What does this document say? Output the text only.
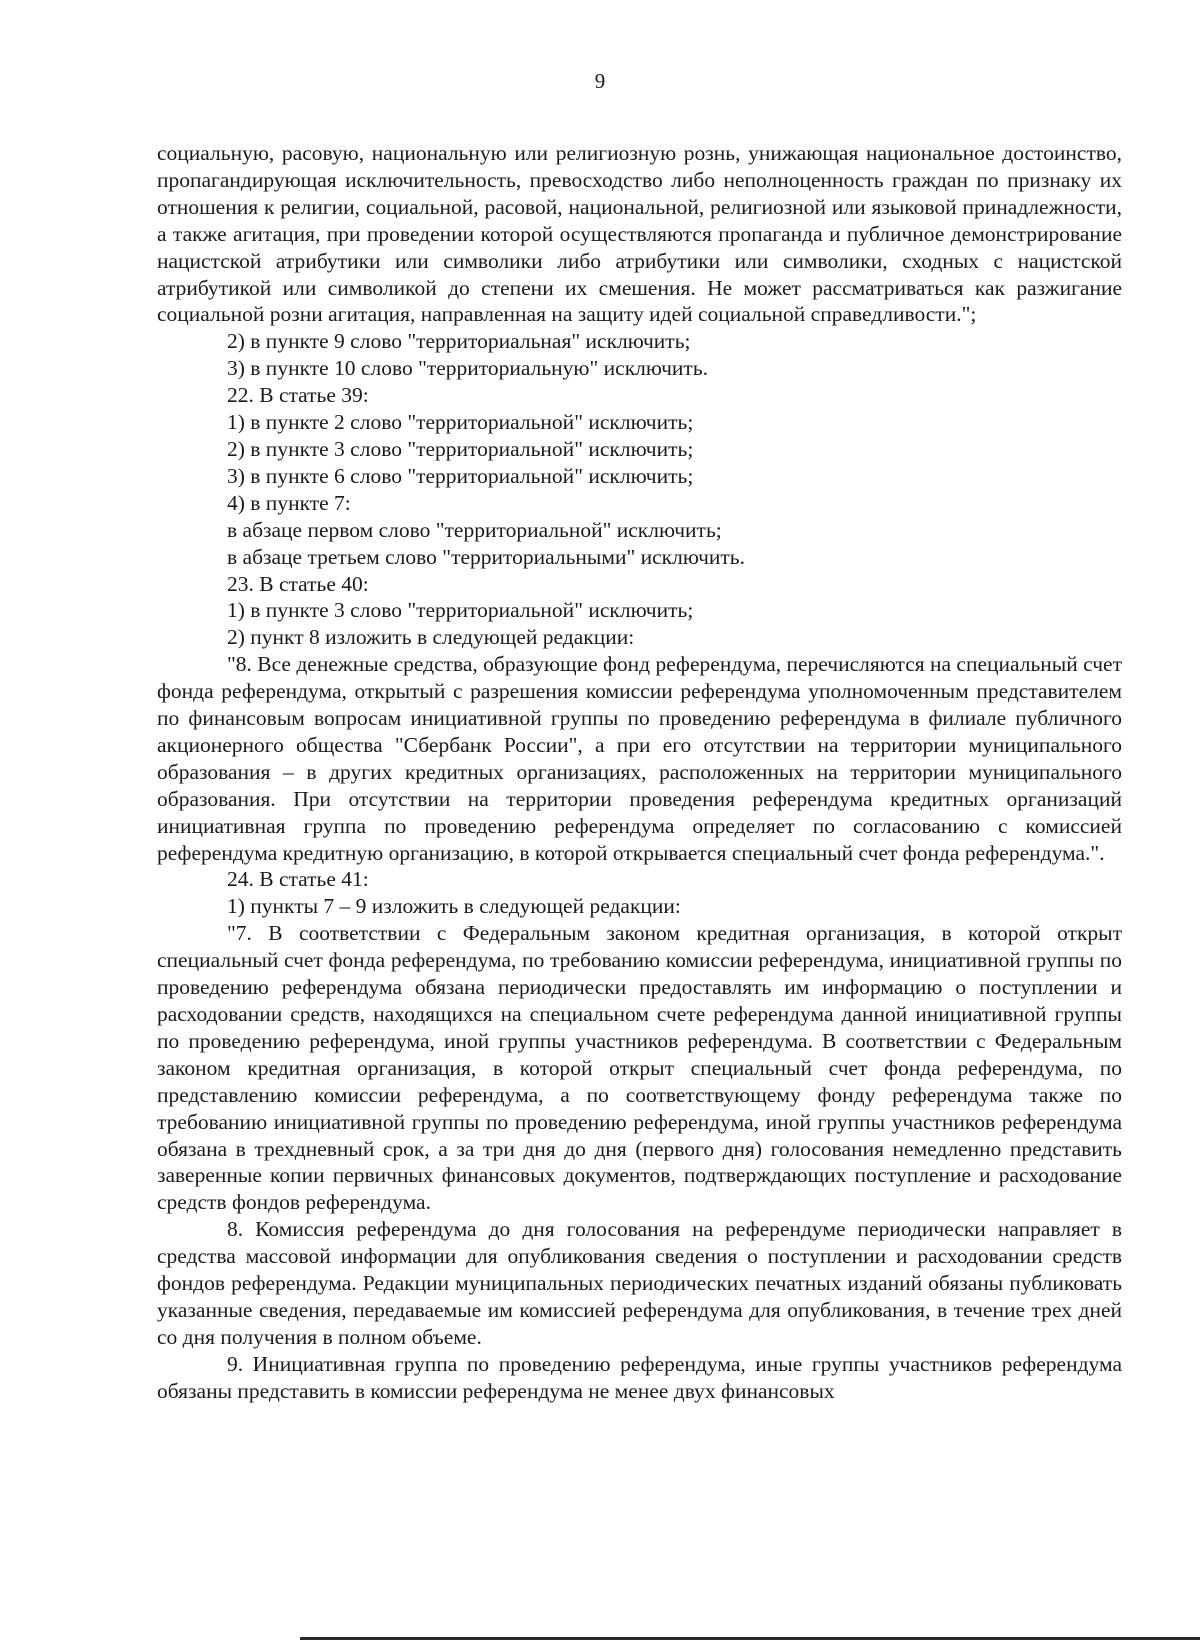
9

социальную, расовую, национальную или религиозную рознь, унижающая национальное достоинство, пропагандирующая исключительность, превосходство либо неполноценность граждан по признаку их отношения к религии, социальной, расовой, национальной, религиозной или языковой принадлежности, а также агитация, при проведении которой осуществляются пропаганда и публичное демонстрирование нацистской атрибутики или символики либо атрибутики или символики, сходных с нацистской атрибутикой или символикой до степени их смешения. Не может рассматриваться как разжигание социальной розни агитация, направленная на защиту идей социальной справедливости.";

2) в пункте 9 слово "территориальная" исключить;

3) в пункте 10 слово "территориальную" исключить.

22. В статье 39:

1) в пункте 2 слово "территориальной" исключить;

2) в пункте 3 слово "территориальной" исключить;

3) в пункте 6 слово "территориальной" исключить;

4) в пункте 7:

в абзаце первом слово "территориальной" исключить;

в абзаце третьем слово "территориальными" исключить.

23. В статье 40:

1) в пункте 3 слово "территориальной" исключить;

2) пункт 8 изложить в следующей редакции:

"8. Все денежные средства, образующие фонд референдума, перечисляются на специальный счет фонда референдума, открытый с разрешения комиссии референдума уполномоченным представителем по финансовым вопросам инициативной группы по проведению референдума в филиале публичного акционерного общества "Сбербанк России", а при его отсутствии на территории муниципального образования – в других кредитных организациях, расположенных на территории муниципального образования. При отсутствии на территории проведения референдума кредитных организаций инициативная группа по проведению референдума определяет по согласованию с комиссией референдума кредитную организацию, в которой открывается специальный счет фонда референдума.".

24. В статье 41:

1) пункты 7 – 9 изложить в следующей редакции:

"7. В соответствии с Федеральным законом кредитная организация, в которой открыт специальный счет фонда референдума, по требованию комиссии референдума, инициативной группы по проведению референдума обязана периодически предоставлять им информацию о поступлении и расходовании средств, находящихся на специальном счете референдума данной инициативной группы по проведению референдума, иной группы участников референдума. В соответствии с Федеральным законом кредитная организация, в которой открыт специальный счет фонда референдума, по представлению комиссии референдума, а по соответствующему фонду референдума также по требованию инициативной группы по проведению референдума, иной группы участников референдума обязана в трехдневный срок, а за три дня до дня (первого дня) голосования немедленно представить заверенные копии первичных финансовых документов, подтверждающих поступление и расходование средств фондов референдума.

8. Комиссия референдума до дня голосования на референдуме периодически направляет в средства массовой информации для опубликования сведения о поступлении и расходовании средств фондов референдума. Редакции муниципальных периодических печатных изданий обязаны публиковать указанные сведения, передаваемые им комиссией референдума для опубликования, в течение трех дней со дня получения в полном объеме.

9. Инициативная группа по проведению референдума, иные группы участников референдума обязаны представить в комиссии референдума не менее двух финансовых
